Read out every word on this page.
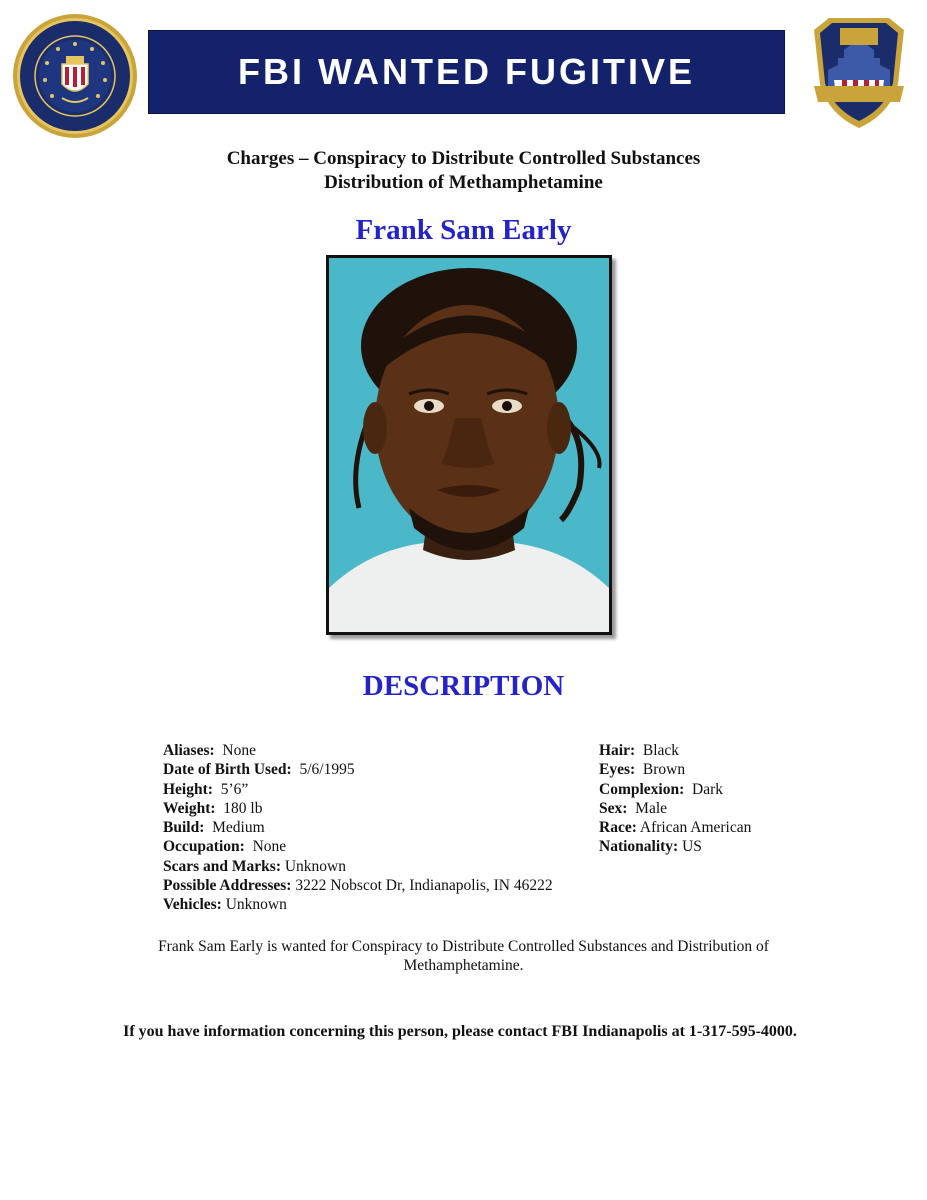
FBI WANTED FUGITIVE
Charges – Conspiracy to Distribute Controlled Substances
Distribution of Methamphetamine
Frank Sam Early
DESCRIPTION
Aliases: None
Date of Birth Used: 5/6/1995
Height: 5’6”
Weight: 180 lb
Build: Medium
Occupation: None
Scars and Marks: Unknown
Possible Addresses: 3222 Nobscot Dr, Indianapolis, IN 46222
Vehicles: Unknown
Hair: Black
Eyes: Brown
Complexion: Dark
Sex: Male
Race: African American
Nationality: US
Frank Sam Early is wanted for Conspiracy to Distribute Controlled Substances and Distribution of Methamphetamine.
If you have information concerning this person, please contact FBI Indianapolis at 1-317-595-4000.
